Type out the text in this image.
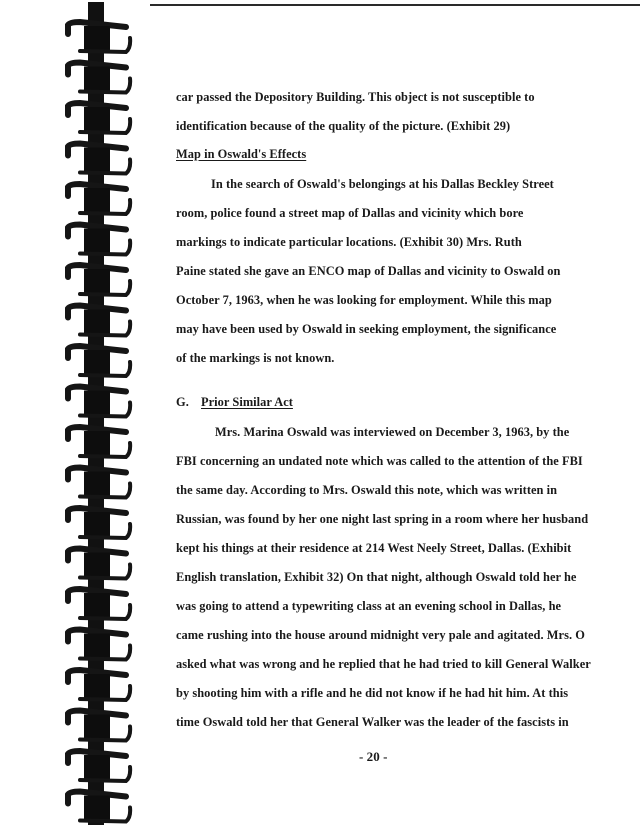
car passed the Depository Building. This object is not susceptible to
identification because of the quality of the picture. (Exhibit 29)
Map in Oswald's Effects
In the search of Oswald's belongings at his Dallas Beckley Street
room, police found a street map of Dallas and vicinity which bore
markings to indicate particular locations. (Exhibit 30) Mrs. Ruth
Paine stated she gave an ENCO map of Dallas and vicinity to Oswald on
October 7, 1963, when he was looking for employment. While this map
may have been used by Oswald in seeking employment, the significance
of the markings is not known.
G. Prior Similar Act
Mrs. Marina Oswald was interviewed on December 3, 1963, by the
FBI concerning an undated note which was called to the attention of the FBI
the same day. According to Mrs. Oswald this note, which was written in
Russian, was found by her one night last spring in a room where her husband
kept his things at their residence at 214 West Neely Street, Dallas. (Exhibit
English translation, Exhibit 32) On that night, although Oswald told her he
was going to attend a typewriting class at an evening school in Dallas, he
came rushing into the house around midnight very pale and agitated. Mrs. O
asked what was wrong and he replied that he had tried to kill General Walker
by shooting him with a rifle and he did not know if he had hit him. At this
time Oswald told her that General Walker was the leader of the fascists in
- 20 -
